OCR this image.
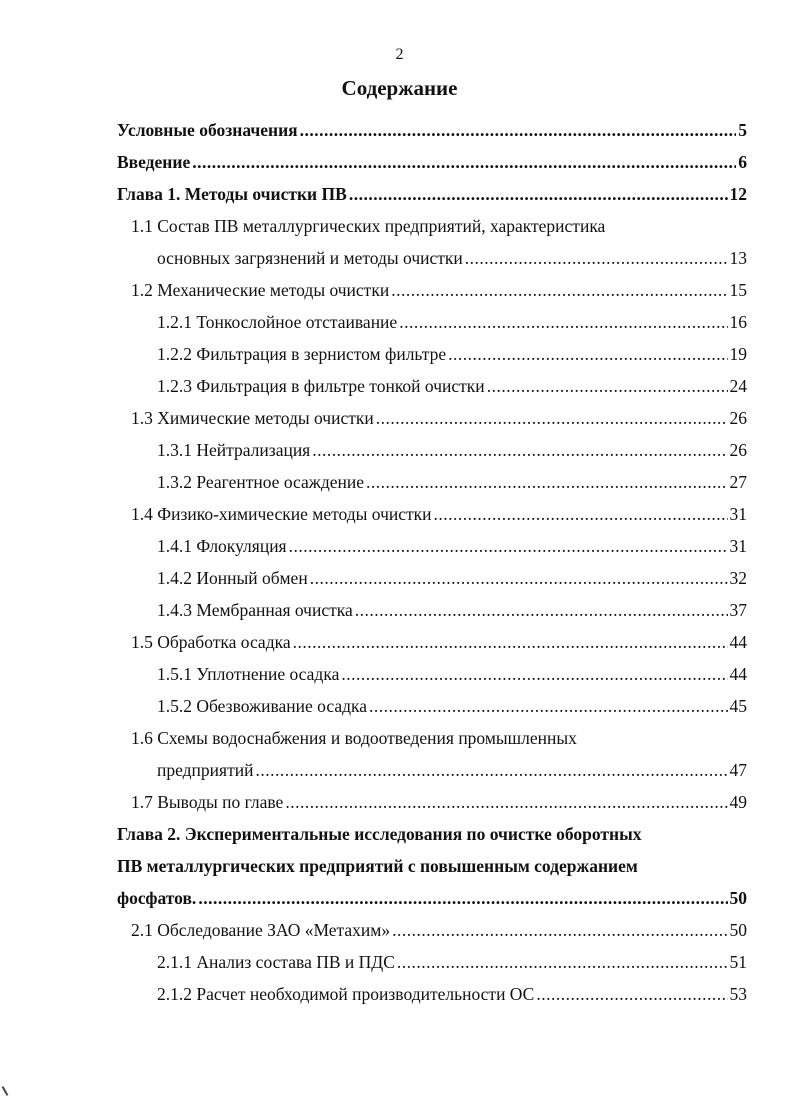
2
Содержание
Условные обозначения .....	5
Введение .....	6
Глава 1. Методы очистки ПВ .....	12
1.1 Состав ПВ металлургических предприятий, характеристика
основных загрязнений и методы очистки .....	13
1.2 Механические методы очистки .....	15
1.2.1 Тонкослойное отстаивание .....	16
1.2.2 Фильтрация в зернистом фильтре .....	19
1.2.3 Фильтрация в фильтре тонкой очистки .....	24
1.3 Химические методы очистки .....	26
1.3.1 Нейтрализация .....	26
1.3.2 Реагентное осаждение .....	27
1.4 Физико-химические методы очистки .....	31
1.4.1 Флокуляция .....	31
1.4.2 Ионный обмен .....	32
1.4.3 Мембранная очистка .....	37
1.5 Обработка осадка .....	44
1.5.1 Уплотнение осадка .....	44
1.5.2 Обезвоживание осадка .....	45
1.6 Схемы водоснабжения и водоотведения промышленных
предприятий .....	47
1.7 Выводы по главе .....	49
Глава 2. Экспериментальные исследования по очистке оборотных
ПВ металлургических предприятий с повышенным содержанием
фосфатов. .....	50
2.1 Обследование ЗАО «Метахим» .....	50
2.1.1 Анализ состава ПВ и ПДС .....	51
2.1.2 Расчет необходимой производительности ОС .....	53
